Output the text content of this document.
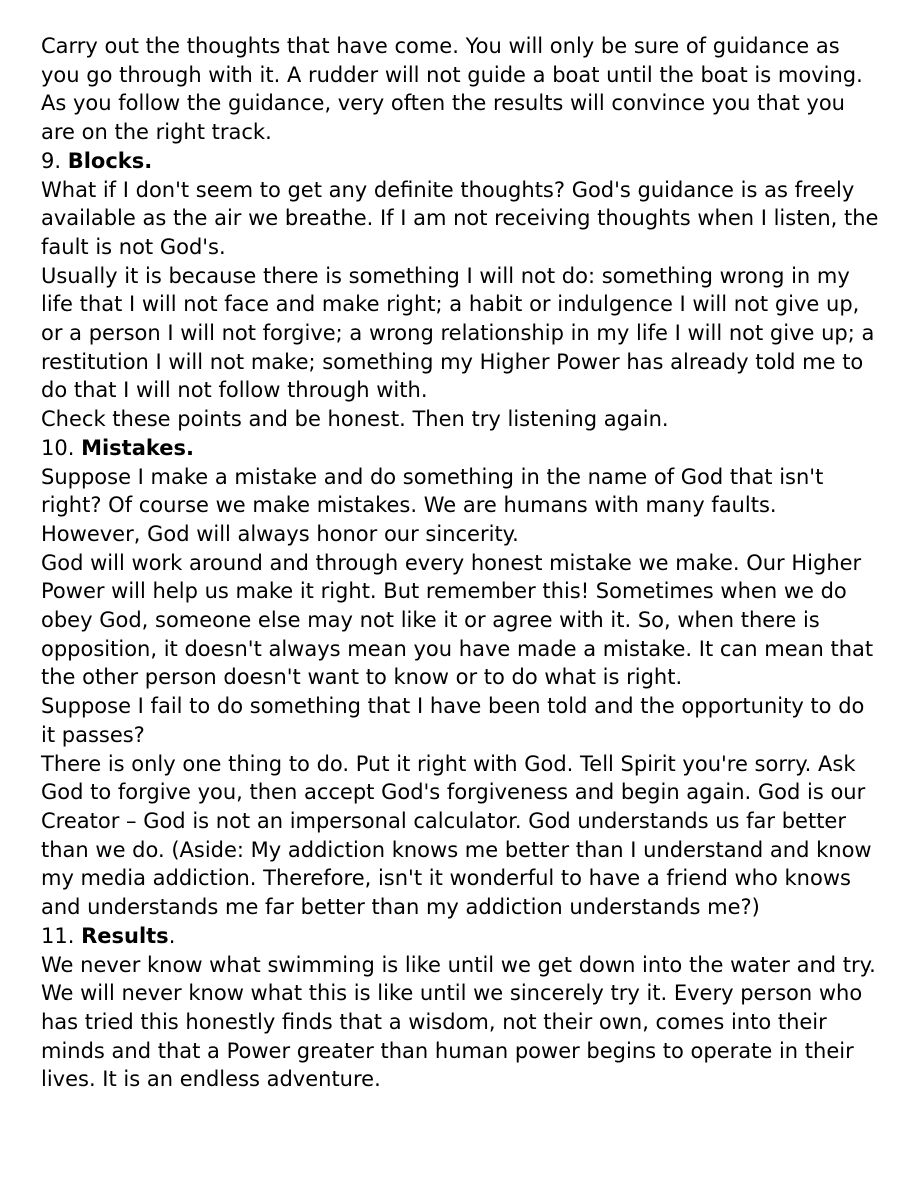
Carry out the thoughts that have come. You will only be sure of guidance as you go through with it. A rudder will not guide a boat until the boat is moving. As you follow the guidance, very often the results will convince you that you are on the right track.

9. Blocks.

What if I don't seem to get any definite thoughts? God's guidance is as freely available as the air we breathe. If I am not receiving thoughts when I listen, the fault is not God's.

Usually it is because there is something I will not do: something wrong in my life that I will not face and make right; a habit or indulgence I will not give up, or a person I will not forgive; a wrong relationship in my life I will not give up; a restitution I will not make; something my Higher Power has already told me to do that I will not follow through with.

Check these points and be honest. Then try listening again.

10. Mistakes.

Suppose I make a mistake and do something in the name of God that isn't right? Of course we make mistakes. We are humans with many faults. However, God will always honor our sincerity.

God will work around and through every honest mistake we make. Our Higher Power will help us make it right. But remember this! Sometimes when we do obey God, someone else may not like it or agree with it. So, when there is opposition, it doesn't always mean you have made a mistake. It can mean that the other person doesn't want to know or to do what is right.

Suppose I fail to do something that I have been told and the opportunity to do it passes?

There is only one thing to do. Put it right with God. Tell Spirit you're sorry. Ask God to forgive you, then accept God's forgiveness and begin again. God is our Creator – God is not an impersonal calculator. God understands us far better than we do. (Aside: My addiction knows me better than I understand and know my media addiction. Therefore, isn't it wonderful to have a friend who knows and understands me far better than my addiction understands me?)

11. Results.

We never know what swimming is like until we get down into the water and try. We will never know what this is like until we sincerely try it. Every person who has tried this honestly finds that a wisdom, not their own, comes into their minds and that a Power greater than human power begins to operate in their lives. It is an endless adventure.
